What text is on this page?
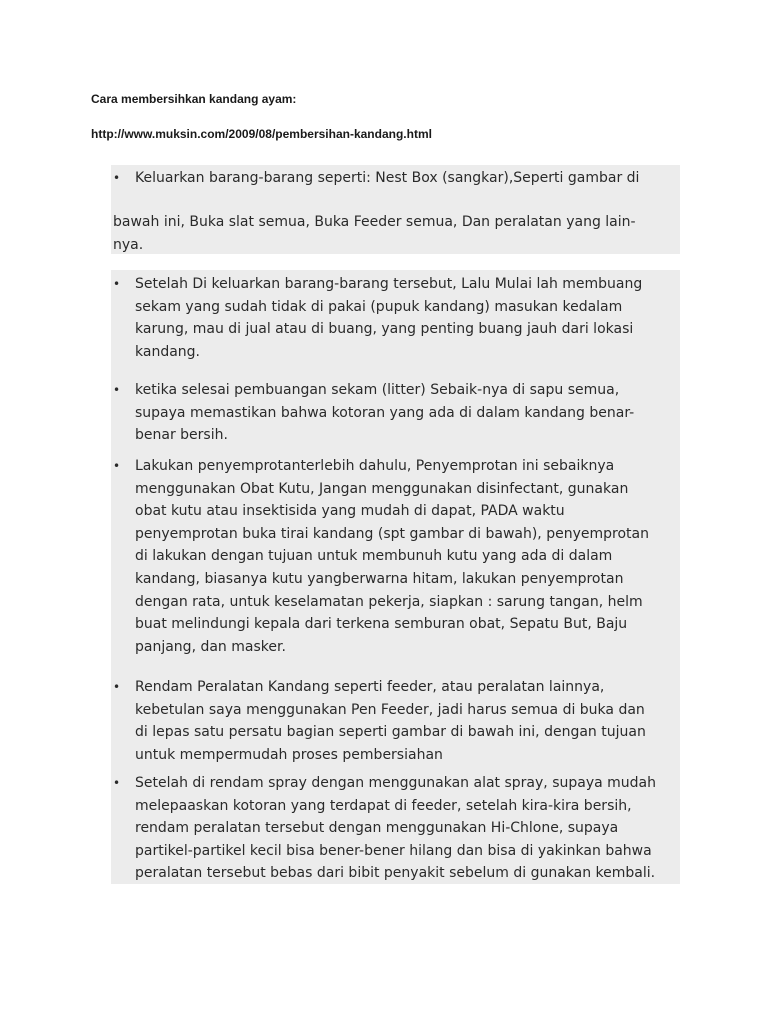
Cara membersihkan kandang ayam:
http://www.muksin.com/2009/08/pembersihan-kandang.html
•	Keluarkan barang-barang seperti: Nest Box (sangkar),Seperti gambar di
bawah ini, Buka slat semua, Buka Feeder semua, Dan peralatan yang lain-
nya.
•	Setelah Di keluarkan barang-barang tersebut, Lalu Mulai lah membuang
sekam yang sudah tidak di pakai (pupuk kandang) masukan kedalam
karung, mau di jual atau di buang, yang penting buang jauh dari lokasi
kandang.
•	ketika selesai pembuangan sekam (litter) Sebaik-nya di sapu semua,
supaya memastikan bahwa kotoran yang ada di dalam kandang benar-
benar bersih.
•	Lakukan penyemprotanterlebih dahulu, Penyemprotan ini sebaiknya
menggunakan Obat Kutu, Jangan menggunakan disinfectant, gunakan
obat kutu atau insektisida yang mudah di dapat, PADA waktu
penyemprotan buka tirai kandang (spt gambar di bawah), penyemprotan
di lakukan dengan tujuan untuk membunuh kutu yang ada di dalam
kandang, biasanya kutu yangberwarna hitam, lakukan penyemprotan
dengan rata, untuk keselamatan pekerja, siapkan : sarung tangan, helm
buat melindungi kepala dari terkena semburan obat, Sepatu But, Baju
panjang, dan masker.
•	Rendam Peralatan Kandang seperti feeder, atau peralatan lainnya,
kebetulan saya menggunakan Pen Feeder, jadi harus semua di buka dan
di lepas satu persatu bagian seperti gambar di bawah ini, dengan tujuan
untuk mempermudah proses pembersiahan
•	Setelah di rendam spray dengan menggunakan alat spray, supaya mudah
melepaaskan kotoran yang terdapat di feeder, setelah kira-kira bersih,
rendam peralatan tersebut dengan menggunakan Hi-Chlone, supaya
partikel-partikel kecil bisa bener-bener hilang dan bisa di yakinkan bahwa
peralatan tersebut bebas dari bibit penyakit sebelum di gunakan kembali.
